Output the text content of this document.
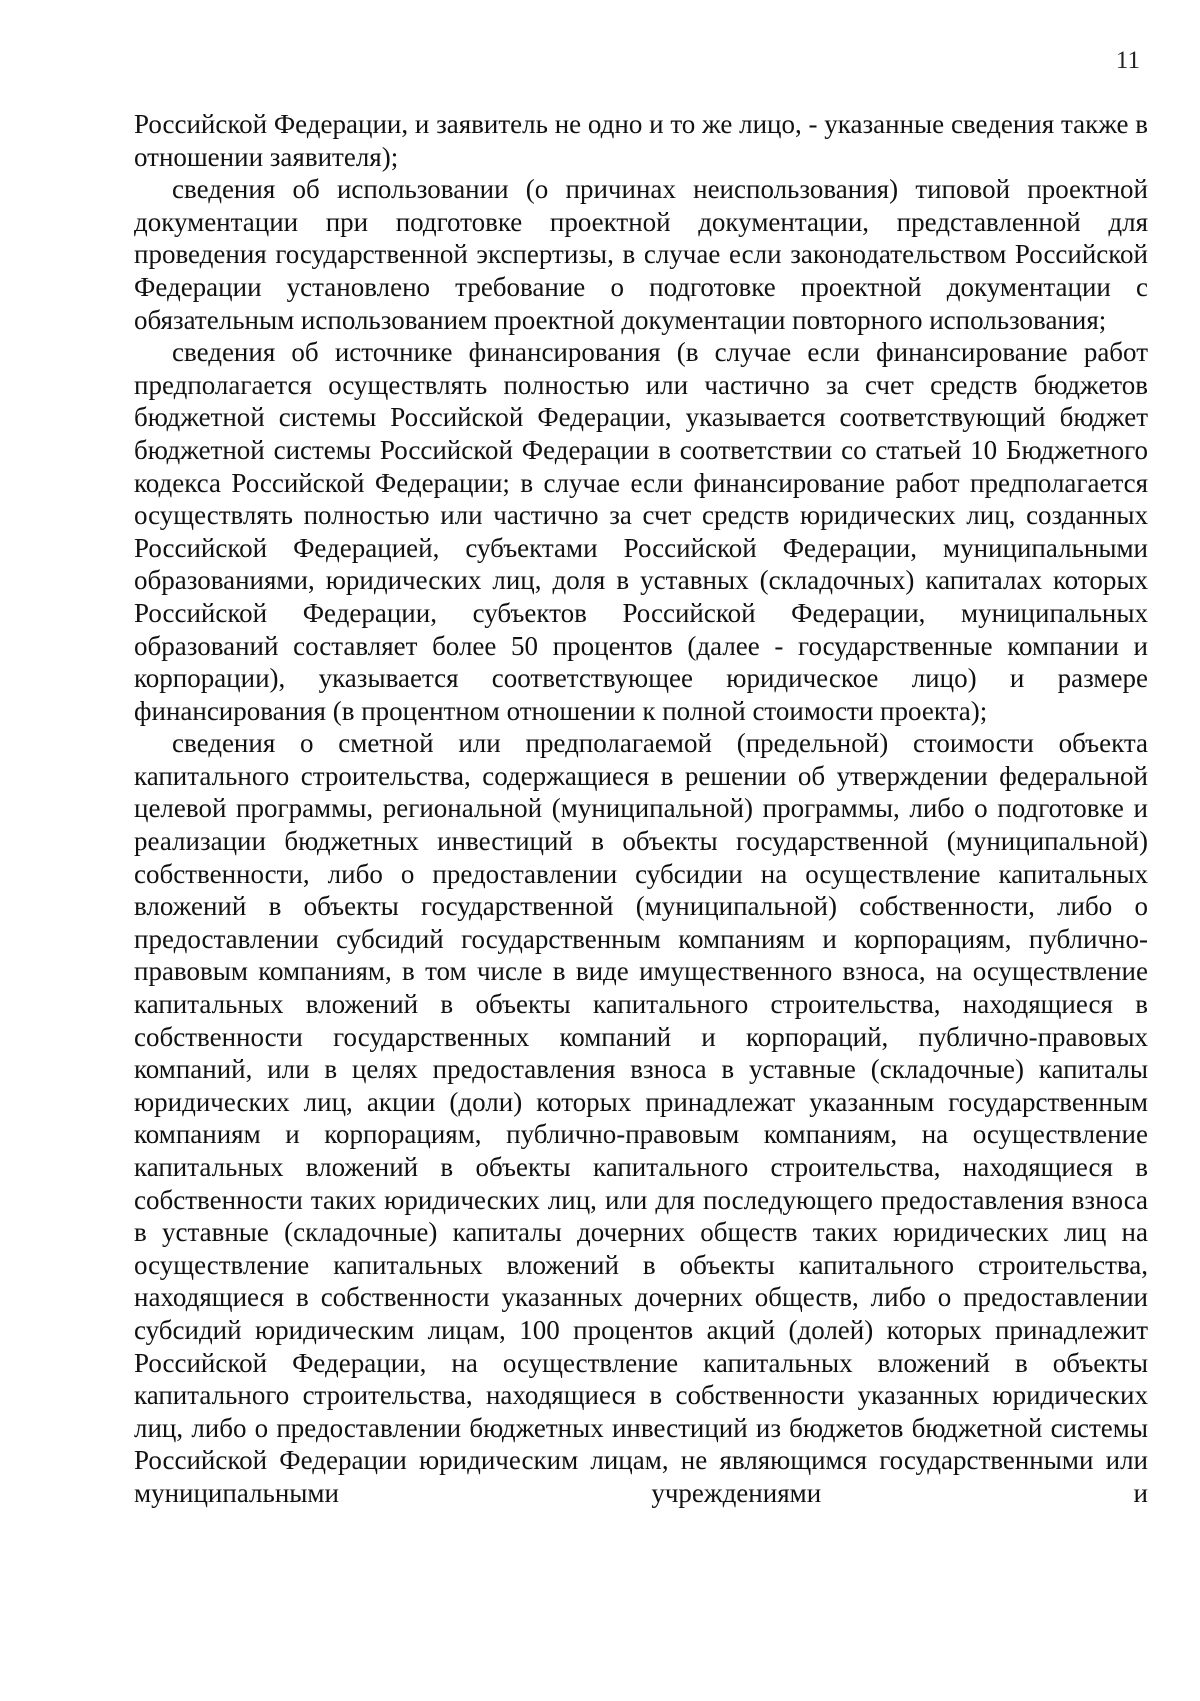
11

Российской Федерации, и заявитель не одно и то же лицо, - указанные сведения также в отношении заявителя);

сведения об использовании (о причинах неиспользования) типовой проектной документации при подготовке проектной документации, представленной для проведения государственной экспертизы, в случае если законодательством Российской Федерации установлено требование о подготовке проектной документации с обязательным использованием проектной документации повторного использования;

сведения об источнике финансирования (в случае если финансирование работ предполагается осуществлять полностью или частично за счет средств бюджетов бюджетной системы Российской Федерации, указывается соответствующий бюджет бюджетной системы Российской Федерации в соответствии со статьей 10 Бюджетного кодекса Российской Федерации; в случае если финансирование работ предполагается осуществлять полностью или частично за счет средств юридических лиц, созданных Российской Федерацией, субъектами Российской Федерации, муниципальными образованиями, юридических лиц, доля в уставных (складочных) капиталах которых Российской Федерации, субъектов Российской Федерации, муниципальных образований составляет более 50 процентов (далее - государственные компании и корпорации), указывается соответствующее юридическое лицо) и размере финансирования (в процентном отношении к полной стоимости проекта);

сведения о сметной или предполагаемой (предельной) стоимости объекта капитального строительства, содержащиеся в решении об утверждении федеральной целевой программы, региональной (муниципальной) программы, либо о подготовке и реализации бюджетных инвестиций в объекты государственной (муниципальной) собственности, либо о предоставлении субсидии на осуществление капитальных вложений в объекты государственной (муниципальной) собственности, либо о предоставлении субсидий государственным компаниям и корпорациям, публично-правовым компаниям, в том числе в виде имущественного взноса, на осуществление капитальных вложений в объекты капитального строительства, находящиеся в собственности государственных компаний и корпораций, публично-правовых компаний, или в целях предоставления взноса в уставные (складочные) капиталы юридических лиц, акции (доли) которых принадлежат указанным государственным компаниям и корпорациям, публично-правовым компаниям, на осуществление капитальных вложений в объекты капитального строительства, находящиеся в собственности таких юридических лиц, или для последующего предоставления взноса в уставные (складочные) капиталы дочерних обществ таких юридических лиц на осуществление капитальных вложений в объекты капитального строительства, находящиеся в собственности указанных дочерних обществ, либо о предоставлении субсидий юридическим лицам, 100 процентов акций (долей) которых принадлежит Российской Федерации, на осуществление капитальных вложений в объекты капитального строительства, находящиеся в собственности указанных юридических лиц, либо о предоставлении бюджетных инвестиций из бюджетов бюджетной системы Российской Федерации юридическим лицам, не являющимся государственными или муниципальными учреждениями и
